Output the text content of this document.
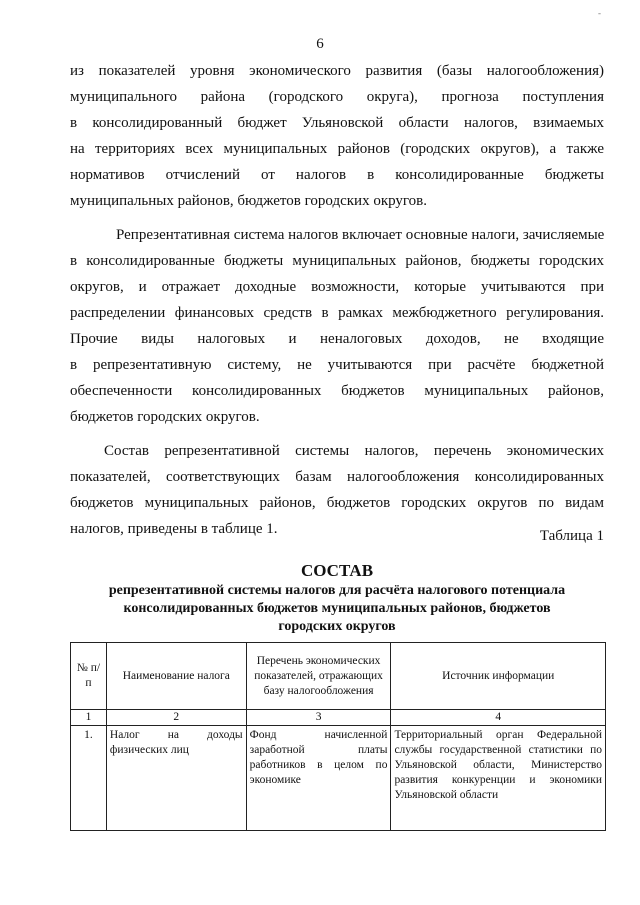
6
-
из показателей уровня экономического развития (базы налогообложения)
муниципального района (городского округа), прогноза поступления
в консолидированный бюджет Ульяновской области налогов, взимаемых
на территориях всех муниципальных районов (городских округов), а также
нормативов отчислений от налогов в консолидированные бюджеты
муниципальных районов, бюджетов городских округов.
Репрезентативная система налогов включает основные налоги, зачисляемые
в консолидированные бюджеты муниципальных районов, бюджеты городских
округов, и отражает доходные возможности, которые учитываются при
распределении финансовых средств в рамках межбюджетного регулирования.
Прочие виды налоговых и неналоговых доходов, не входящие
в репрезентативную систему, не учитываются при расчёте бюджетной
обеспеченности консолидированных бюджетов муниципальных районов,
бюджетов городских округов.
Состав репрезентативной системы налогов, перечень экономических
показателей, соответствующих базам налогообложения консолидированных
бюджетов муниципальных районов, бюджетов городских округов по видам
налогов, приведены в таблице 1.	Таблица 1
СОСТАВ
репрезентативной системы налогов для расчёта налогового потенциала
консолидированных бюджетов муниципальных районов, бюджетов
городских округов
№ п/п	Наименование налога	Перечень экономических показателей, отражающих базу налогообложения	Источник информации
1	2	3	4
1.	Налог на доходы физических лиц	Фонд начисленной заработной платы работников в целом по экономике	Территориальный орган Федеральной службы государственной статистики по Ульяновской области, Министерство развития конкуренции и экономики Ульяновской области
